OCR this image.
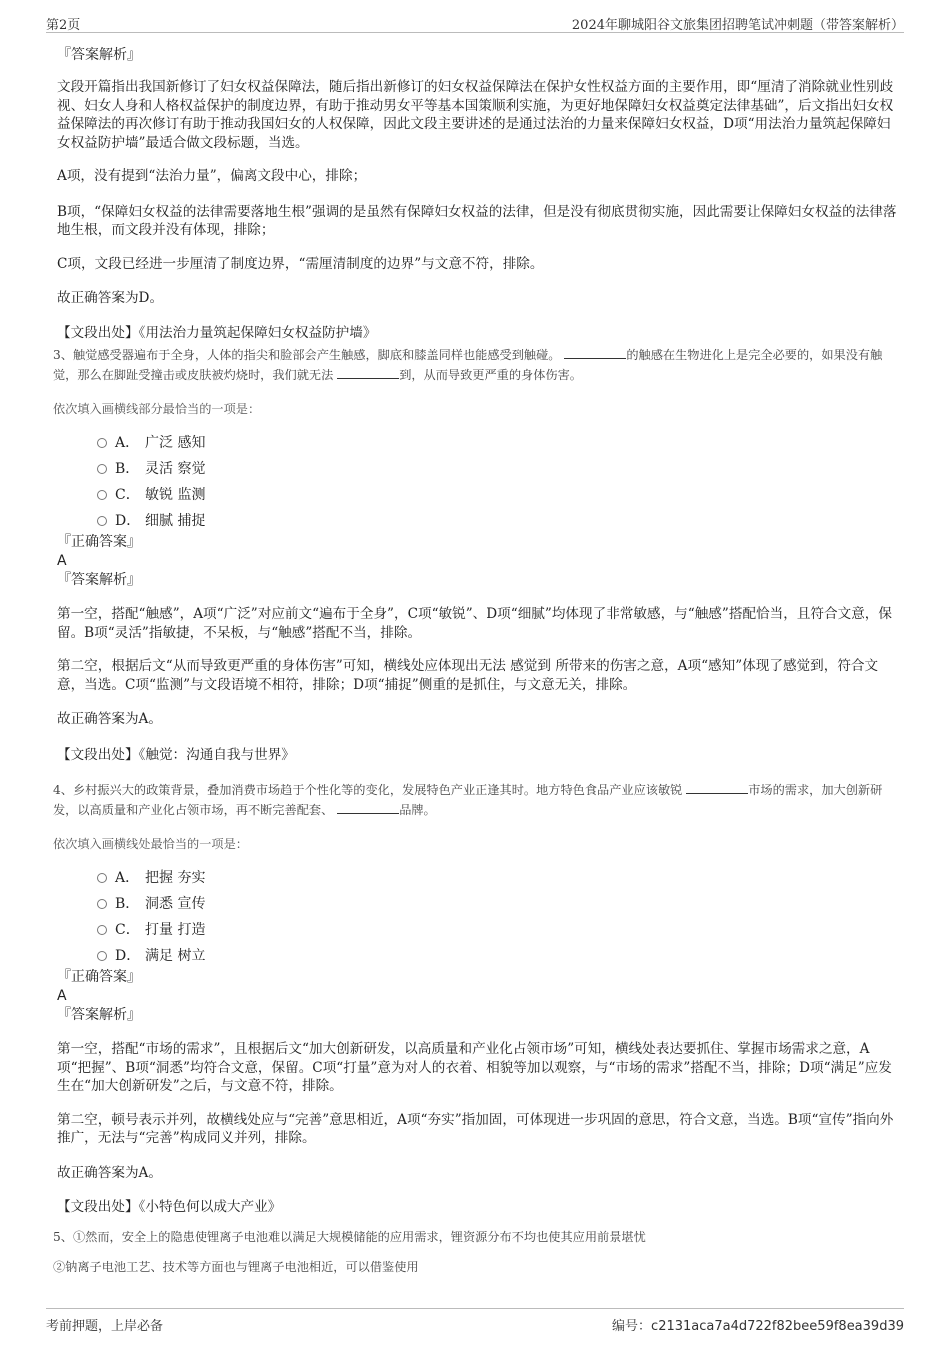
第2页	2024年聊城阳谷文旅集团招聘笔试冲刺题（带答案解析）

『答案解析』

文段开篇指出我国新修订了妇女权益保障法，随后指出新修订的妇女权益保障法在保护女性权益方面的主要作用，即“厘清了消除就业性别歧视、妇女人身和人格权益保护的制度边界，有助于推动男女平等基本国策顺利实施，为更好地保障妇女权益奠定法律基础”，后文指出妇女权益保障法的再次修订有助于推动我国妇女的人权保障，因此文段主要讲述的是通过法治的力量来保障妇女权益，D项“用法治力量筑起保障妇女权益防护墙”最适合做文段标题，当选。

A项，没有提到“法治力量”，偏离文段中心，排除；

B项，“保障妇女权益的法律需要落地生根”强调的是虽然有保障妇女权益的法律，但是没有彻底贯彻实施，因此需要让保障妇女权益的法律落地生根，而文段并没有体现，排除；

C项，文段已经进一步厘清了制度边界，“需厘清制度的边界”与文意不符，排除。

故正确答案为D。

【文段出处】《用法治力量筑起保障妇女权益防护墙》

3、触觉感受器遍布于全身，人体的指尖和脸部会产生触感，脚底和膝盖同样也能感受到触碰。	的触感在生物进化上是完全必要的，如果没有触觉，那么在脚趾受撞击或皮肤被灼烧时，我们就无法	到，从而导致更严重的身体伤害。

依次填入画横线部分最恰当的一项是：

A． 广泛 感知
B． 灵活 察觉
C． 敏锐 监测
D． 细腻 捕捉

『正确答案』

A

『答案解析』

第一空，搭配“触感”，A项“广泛”对应前文“遍布于全身”，C项“敏锐”、D项“细腻”均体现了非常敏感，与“触感”搭配恰当，且符合文意，保留。B项“灵活”指敏捷，不呆板，与“触感”搭配不当，排除。

第二空，根据后文“从而导致更严重的身体伤害”可知，横线处应体现出无法 感觉到 所带来的伤害之意，A项“感知”体现了感觉到，符合文意，当选。C项“监测”与文段语境不相符，排除；D项“捕捉”侧重的是抓住，与文意无关，排除。

故正确答案为A。

【文段出处】《触觉：沟通自我与世界》

4、乡村振兴大的政策背景，叠加消费市场趋于个性化等的变化，发展特色产业正逢其时。地方特色食品产业应该敏锐	市场的需求，加大创新研发，以高质量和产业化占领市场，再不断完善配套、	品牌。

依次填入画横线处最恰当的一项是：

A． 把握 夯实
B． 洞悉 宣传
C． 打量 打造
D． 满足 树立

『正确答案』

A

『答案解析』

第一空，搭配“市场的需求”，且根据后文“加大创新研发，以高质量和产业化占领市场”可知，横线处表达要抓住、掌握市场需求之意，A项“把握”、B项“洞悉”均符合文意，保留。C项“打量”意为对人的衣着、相貌等加以观察，与“市场的需求”搭配不当，排除；D项“满足”应发生在“加大创新研发”之后，与文意不符，排除。

第二空，顿号表示并列，故横线处应与“完善”意思相近，A项“夯实”指加固，可体现进一步巩固的意思，符合文意，当选。B项“宣传”指向外推广，无法与“完善”构成同义并列，排除。

故正确答案为A。

【文段出处】《小特色何以成大产业》

5、①然而，安全上的隐患使锂离子电池难以满足大规模储能的应用需求，锂资源分布不均也使其应用前景堪忧

②钠离子电池工艺、技术等方面也与锂离子电池相近，可以借鉴使用

考前押题，上岸必备	编号：c2131aca7a4d722f82bee59f8ea39d39
